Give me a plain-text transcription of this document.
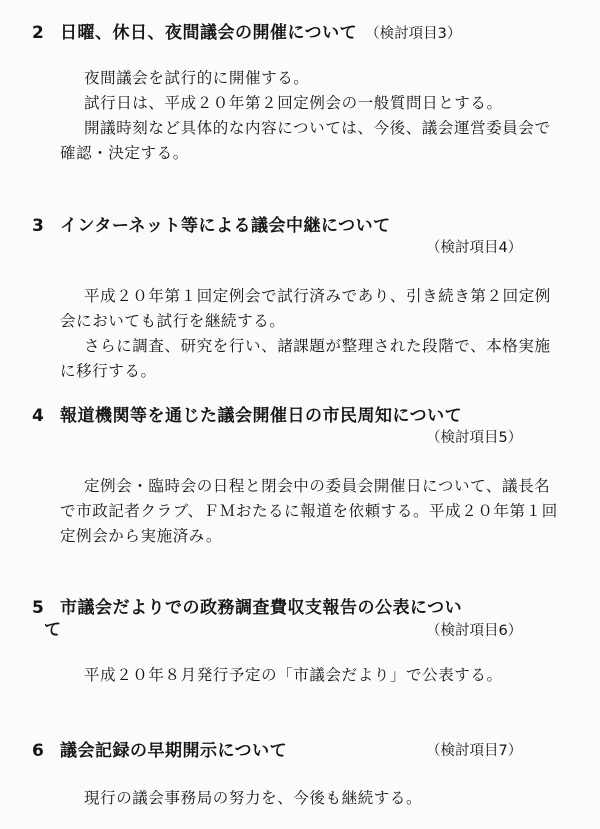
2 日曜、休日、夜間議会の開催について （検討項目3）

夜間議会を試行的に開催する。

試行日は、平成２０年第２回定例会の一般質問日とする。

開議時刻など具体的な内容については、今後、議会運営委員会で確認・決定する。

3 インターネット等による議会中継について
（検討項目4）

平成２０年第１回定例会で試行済みであり、引き続き第２回定例会においても試行を継続する。

さらに調査、研究を行い、諸課題が整理された段階で、本格実施に移行する。

4 報道機関等を通じた議会開催日の市民周知について
（検討項目5）

定例会・臨時会の日程と閉会中の委員会開催日について、議長名で市政記者クラブ、ＦＭおたるに報道を依頼する。平成２０年第１回定例会から実施済み。

5 市議会だよりでの政務調査費収支報告の公表につい
て	（検討項目6）

平成２０年８月発行予定の「市議会だより」で公表する。

6 議会記録の早期開示について	（検討項目7）

現行の議会事務局の努力を、今後も継続する。
